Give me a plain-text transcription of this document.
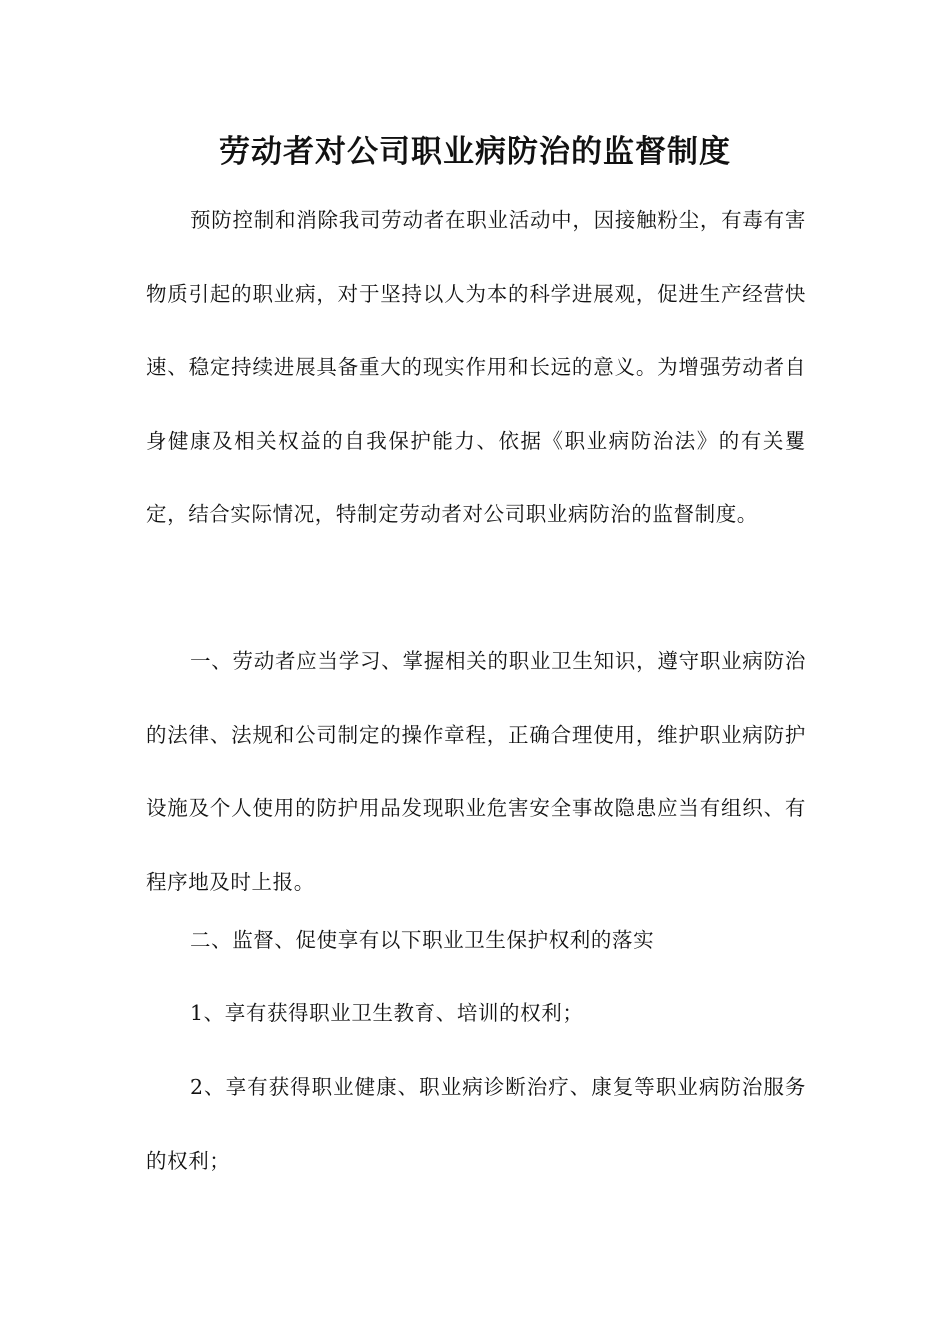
劳动者对公司职业病防治的监督制度

预防控制和消除我司劳动者在职业活动中，因接触粉尘，有毒有害物质引起的职业病，对于坚持以人为本的科学进展观，促进生产经营快速、稳定持续进展具备重大的现实作用和长远的意义。为增强劳动者自身健康及相关权益的自我保护能力、依据《职业病防治法》的有关矍定，结合实际情况，特制定劳动者对公司职业病防治的监督制度。

一、劳动者应当学习、掌握相关的职业卫生知识，遵守职业病防治的法律、法规和公司制定的操作章程，正确合理使用，维护职业病防护设施及个人使用的防护用品发现职业危害安全事故隐患应当有组织、有程序地及时上报。

二、监督、促使享有以下职业卫生保护权利的落实

1、享有获得职业卫生教育、培训的权利；

2、享有获得职业健康、职业病诊断治疗、康复等职业病防治服务的权利；
